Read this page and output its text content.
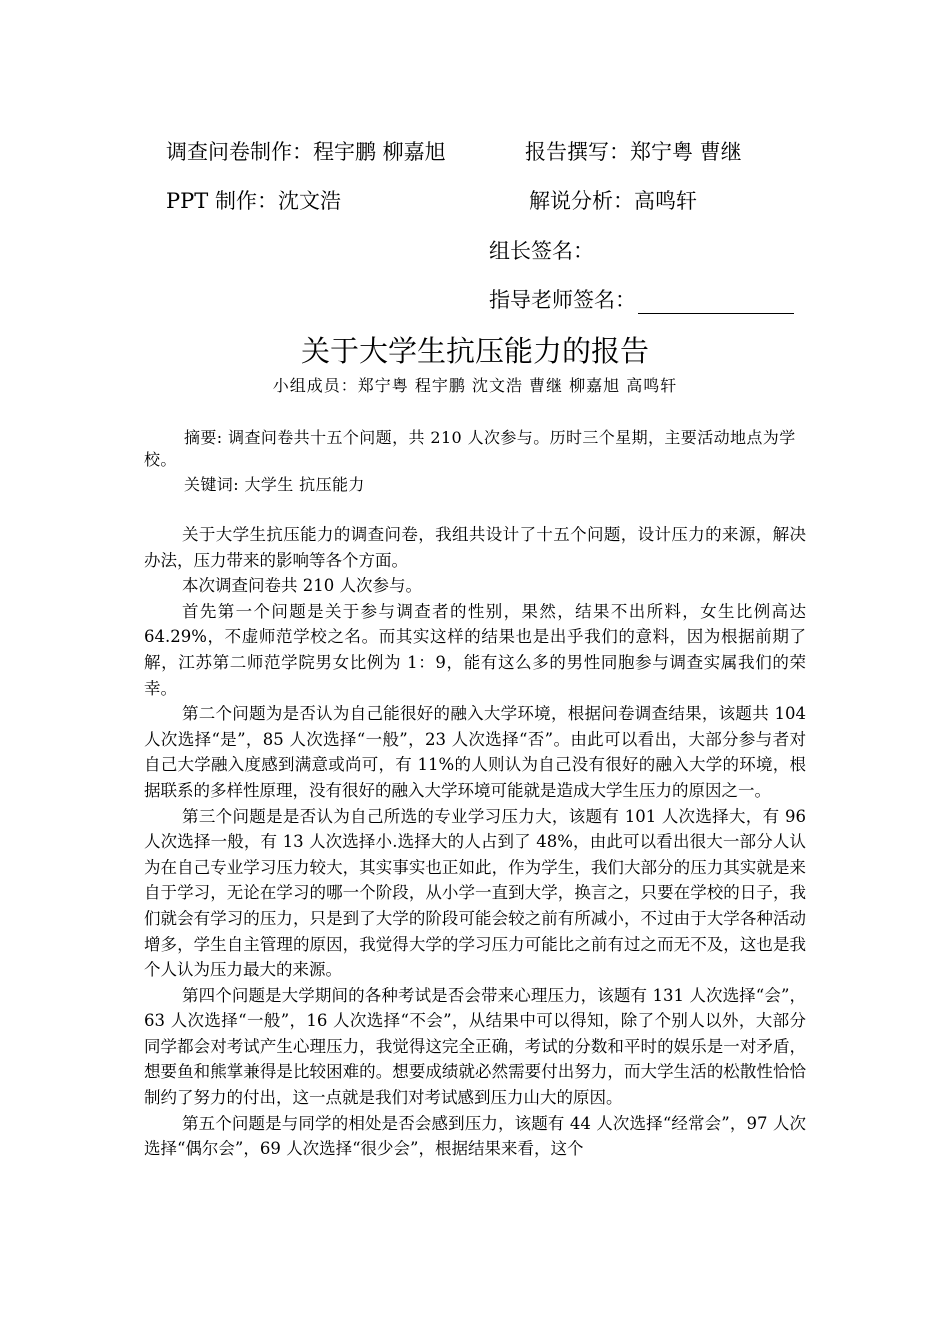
调查问卷制作：程宇鹏 柳嘉旭	报告撰写：郑宁粤 曹继
PPT 制作：沈文浩	解说分析：高鸣轩
组长签名：
指导老师签名：
关于大学生抗压能力的报告
小组成员：郑宁粤 程宇鹏 沈文浩 曹继 柳嘉旭 高鸣轩

摘要: 调查问卷共十五个问题，共 210 人次参与。历时三个星期，主要活动地点为学校。

关键词: 大学生 抗压能力

关于大学生抗压能力的调查问卷，我组共设计了十五个问题，设计压力的来源，解决办法，压力带来的影响等各个方面。

本次调查问卷共 210 人次参与。

首先第一个问题是关于参与调查者的性别，果然，结果不出所料，女生比例高达 64.29%，不虚师范学校之名。而其实这样的结果也是出乎我们的意料，因为根据前期了解，江苏第二师范学院男女比例为 1：9，能有这么多的男性同胞参与调查实属我们的荣幸。

第二个问题为是否认为自己能很好的融入大学环境，根据问卷调查结果，该题共 104 人次选择“是”，85 人次选择“一般”，23 人次选择“否”。由此可以看出，大部分参与者对自己大学融入度感到满意或尚可，有 11%的人则认为自己没有很好的融入大学的环境，根据联系的多样性原理，没有很好的融入大学环境可能就是造成大学生压力的原因之一。

第三个问题是是否认为自己所选的专业学习压力大，该题有 101 人次选择大，有 96 人次选择一般，有 13 人次选择小.选择大的人占到了 48%，由此可以看出很大一部分人认为在自己专业学习压力较大，其实事实也正如此，作为学生，我们大部分的压力其实就是来自于学习，无论在学习的哪一个阶段，从小学一直到大学，换言之，只要在学校的日子，我们就会有学习的压力，只是到了大学的阶段可能会较之前有所减小，不过由于大学各种活动增多，学生自主管理的原因，我觉得大学的学习压力可能比之前有过之而无不及，这也是我个人认为压力最大的来源。

第四个问题是大学期间的各种考试是否会带来心理压力，该题有 131 人次选择“会”，63 人次选择“一般”，16 人次选择“不会”，从结果中可以得知，除了个别人以外，大部分同学都会对考试产生心理压力，我觉得这完全正确，考试的分数和平时的娱乐是一对矛盾，想要鱼和熊掌兼得是比较困难的。想要成绩就必然需要付出努力，而大学生活的松散性恰恰制约了努力的付出，这一点就是我们对考试感到压力山大的原因。

第五个问题是与同学的相处是否会感到压力，该题有 44 人次选择“经常会”，97 人次选择“偶尔会”，69 人次选择“很少会”，根据结果来看，这个
